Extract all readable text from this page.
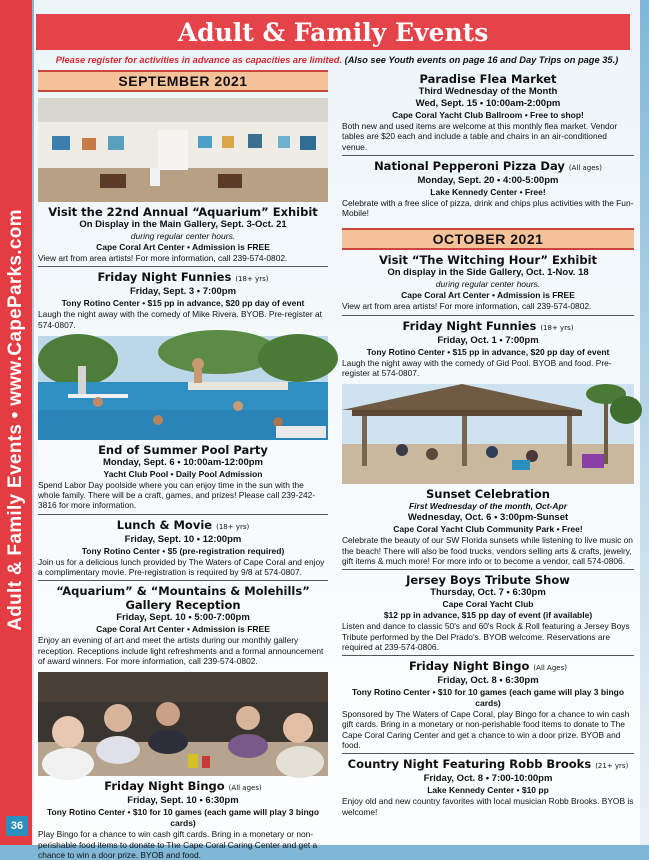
Adult & Family Events • www.CapeParks.com
36
Adult & Family Events
Please register for activities in advance as capacities are limited. (Also see Youth events on page 16 and Day Trips on page 35.)
SEPTEMBER 2021
Visit the 22nd Annual “Aquarium” Exhibit
On Display in the Main Gallery, Sept. 3-Oct. 21
during regular center hours.
Cape Coral Art Center • Admission is FREE
View art from area artists! For more information, call 239-574-0802.
Friday Night Funnies (18+ yrs)
Friday, Sept. 3 • 7:00pm
Tony Rotino Center • $15 pp in advance, $20 pp day of event
Laugh the night away with the comedy of Mike Rivera. BYOB. Pre-register at 574-0807.
End of Summer Pool Party
Monday, Sept. 6 • 10:00am-12:00pm
Yacht Club Pool • Daily Pool Admission
Spend Labor Day poolside where you can enjoy time in the sun with the whole family. There will be a craft, games, and prizes! Please call 239-242-3816 for more information.
Lunch & Movie (18+ yrs)
Friday, Sept. 10 • 12:00pm
Tony Rotino Center • $5 (pre-registration required)
Join us for a delicious lunch provided by The Waters of Cape Coral and enjoy a complimentary movie. Pre-registration is required by 9/8 at 574-0807.
“Aquarium” & “Mountains & Molehills” Gallery Reception
Friday, Sept. 10 • 5:00-7:00pm
Cape Coral Art Center • Admission is FREE
Enjoy an evening of art and meet the artists during our monthly gallery reception. Receptions include light refreshments and a formal announcement of award winners. For more information, call 239-574-0802.
Friday Night Bingo (All ages)
Friday, Sept. 10 • 6:30pm
Tony Rotino Center • $10 for 10 games (each game will play 3 bingo cards)
Play Bingo for a chance to win cash gift cards. Bring in a monetary or non-perishable food items to donate to The Cape Coral Caring Center and get a chance to win a door prize. BYOB and food.
Paradise Flea Market
Third Wednesday of the Month
Wed, Sept. 15 • 10:00am-2:00pm
Cape Coral Yacht Club Ballroom • Free to shop!
Both new and used items are welcome at this monthly flea market. Vendor tables are $20 each and include a table and chairs in an air-conditioned venue.
National Pepperoni Pizza Day (All ages)
Monday, Sept. 20 • 4:00-5:00pm
Lake Kennedy Center • Free!
Celebrate with a free slice of pizza, drink and chips plus activities with the Fun-Mobile!
OCTOBER 2021
Visit “The Witching Hour” Exhibit
On display in the Side Gallery, Oct. 1-Nov. 18
during regular center hours.
Cape Coral Art Center • Admission is FREE
View art from area artists! For more information, call 239-574-0802.
Friday Night Funnies (18+ yrs)
Friday, Oct. 1 • 7:00pm
Tony Rotino Center • $15 pp in advance, $20 pp day of event
Laugh the night away with the comedy of Gid Pool. BYOB and food. Pre-register at 574-0807.
Sunset Celebration
First Wednesday of the month, Oct-Apr
Wednesday, Oct. 6 • 3:00pm-Sunset
Cape Coral Yacht Club Community Park • Free!
Celebrate the beauty of our SW Florida sunsets while listening to live music on the beach! There will also be food trucks, vendors selling arts & crafts, jewelry, gift items & much more! For more info or to become a vendor, call 574-0806.
Jersey Boys Tribute Show
Thursday, Oct. 7 • 6:30pm
Cape Coral Yacht Club
$12 pp in advance, $15 pp day of event (if available)
Listen and dance to classic 50's and 60's Rock & Roll featuring a Jersey Boys Tribute performed by the Del Prado's. BYOB welcome. Reservations are required at 239-574-0806.
Friday Night Bingo (All Ages)
Friday, Oct. 8 • 6:30pm
Tony Rotino Center • $10 for 10 games (each game will play 3 bingo cards)
Sponsored by The Waters of Cape Coral, play Bingo for a chance to win cash gift cards. Bring in a monetary or non-perishable food items to donate to The Cape Coral Caring Center and get a chance to win a door prize. BYOB and food.
Country Night Featuring Robb Brooks (21+ yrs)
Friday, Oct. 8 • 7:00-10:00pm
Lake Kennedy Center • $10 pp
Enjoy old and new country favorites with local musician Robb Brooks. BYOB is welcome!
